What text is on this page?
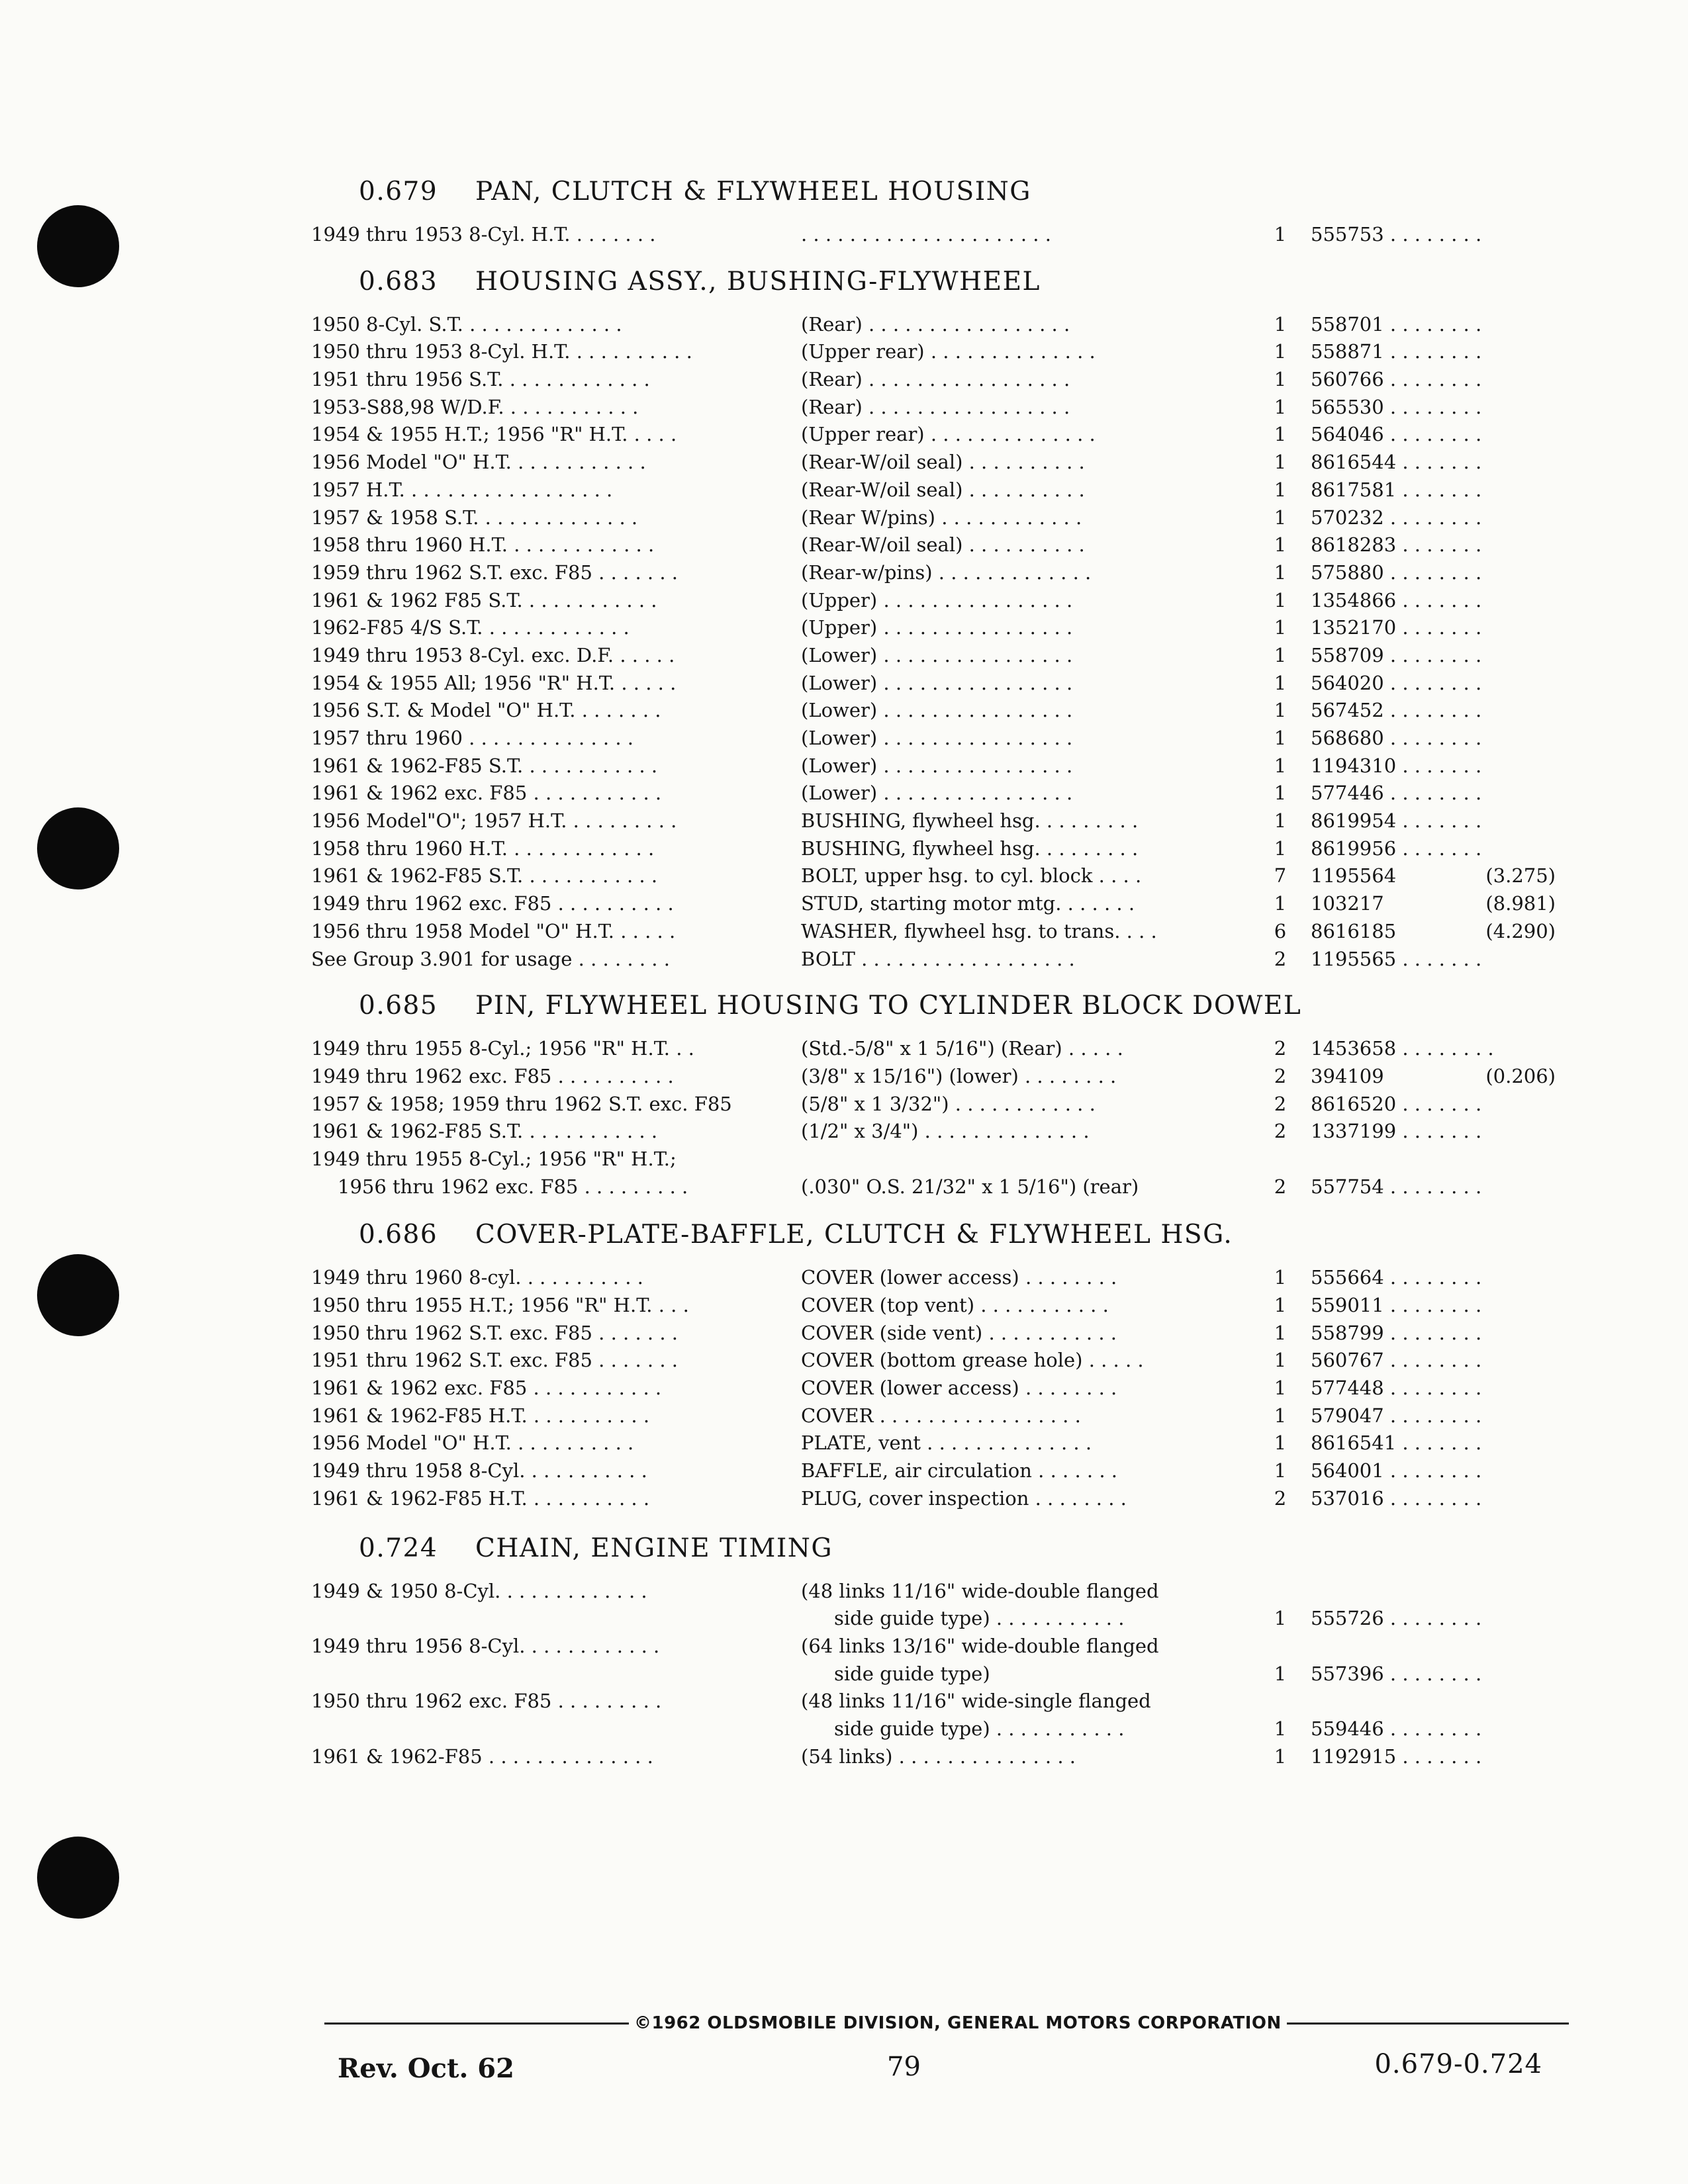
0.679 PAN, CLUTCH & FLYWHEEL HOUSING
1949 thru 1953 8-Cyl. H.T. . . . . . . .	. . . . . . . . . . . . . . . . . . . . .	1	555753 . . . . . . . .
0.683 HOUSING ASSY., BUSHING-FLYWHEEL
1950 8-Cyl. S.T. . . . . . . . . . . . . .	(Rear) . . . . . . . . . . . . . . . . .	1	558701 . . . . . . . .
1950 thru 1953 8-Cyl. H.T. . . . . . . . . . .	(Upper rear) . . . . . . . . . . . . . .	1	558871 . . . . . . . .
1951 thru 1956 S.T. . . . . . . . . . . . .	(Rear) . . . . . . . . . . . . . . . . .	1	560766 . . . . . . . .
1953-S88,98 W/D.F. . . . . . . . . . . .	(Rear) . . . . . . . . . . . . . . . . .	1	565530 . . . . . . . .
1954 & 1955 H.T.; 1956 "R" H.T. . . . .	(Upper rear) . . . . . . . . . . . . . .	1	564046 . . . . . . . .
1956 Model "O" H.T. . . . . . . . . . . .	(Rear-W/oil seal) . . . . . . . . . .	1	8616544 . . . . . . .
1957 H.T. . . . . . . . . . . . . . . . . .	(Rear-W/oil seal) . . . . . . . . . .	1	8617581 . . . . . . .
1957 & 1958 S.T. . . . . . . . . . . . . .	(Rear W/pins) . . . . . . . . . . . .	1	570232 . . . . . . . .
1958 thru 1960 H.T. . . . . . . . . . . . .	(Rear-W/oil seal) . . . . . . . . . .	1	8618283 . . . . . . .
1959 thru 1962 S.T. exc. F85 . . . . . . .	(Rear-w/pins) . . . . . . . . . . . . .	1	575880 . . . . . . . .
1961 & 1962 F85 S.T. . . . . . . . . . . .	(Upper) . . . . . . . . . . . . . . . .	1	1354866 . . . . . . .
1962-F85 4/S S.T. . . . . . . . . . . . .	(Upper) . . . . . . . . . . . . . . . .	1	1352170 . . . . . . .
1949 thru 1953 8-Cyl. exc. D.F. . . . . .	(Lower) . . . . . . . . . . . . . . . .	1	558709 . . . . . . . .
1954 & 1955 All; 1956 "R" H.T. . . . . .	(Lower) . . . . . . . . . . . . . . . .	1	564020 . . . . . . . .
1956 S.T. & Model "O" H.T. . . . . . . .	(Lower) . . . . . . . . . . . . . . . .	1	567452 . . . . . . . .
1957 thru 1960 . . . . . . . . . . . . . .	(Lower) . . . . . . . . . . . . . . . .	1	568680 . . . . . . . .
1961 & 1962-F85 S.T. . . . . . . . . . . .	(Lower) . . . . . . . . . . . . . . . .	1	1194310 . . . . . . .
1961 & 1962 exc. F85 . . . . . . . . . . .	(Lower) . . . . . . . . . . . . . . . .	1	577446 . . . . . . . .
1956 Model"O"; 1957 H.T. . . . . . . . . .	BUSHING, flywheel hsg. . . . . . . . .	1	8619954 . . . . . . .
1958 thru 1960 H.T. . . . . . . . . . . . .	BUSHING, flywheel hsg. . . . . . . . .	1	8619956 . . . . . . .
1961 & 1962-F85 S.T. . . . . . . . . . . .	BOLT, upper hsg. to cyl. block . . . .	7	1195564	(3.275)
1949 thru 1962 exc. F85 . . . . . . . . . .	STUD, starting motor mtg. . . . . . .	1	103217	(8.981)
1956 thru 1958 Model "O" H.T. . . . . .	WASHER, flywheel hsg. to trans. . . .	6	8616185	(4.290)
See Group 3.901 for usage . . . . . . . .	BOLT . . . . . . . . . . . . . . . . . .	2	1195565 . . . . . . .
0.685 PIN, FLYWHEEL HOUSING TO CYLINDER BLOCK DOWEL
1949 thru 1955 8-Cyl.; 1956 "R" H.T. . .	(Std.-5/8" x 1 5/16") (Rear) . . . . .	2	1453658 . . . . . . . .
1949 thru 1962 exc. F85 . . . . . . . . . .	(3/8" x 15/16") (lower) . . . . . . . .	2	394109	(0.206)
1957 & 1958; 1959 thru 1962 S.T. exc. F85	(5/8" x 1 3/32") . . . . . . . . . . . .	2	8616520 . . . . . . .
1961 & 1962-F85 S.T. . . . . . . . . . . .	(1/2" x 3/4") . . . . . . . . . . . . . .	2	1337199 . . . . . . .
1949 thru 1955 8-Cyl.; 1956 "R" H.T.;
1956 thru 1962 exc. F85 . . . . . . . . .	(.030" O.S. 21/32" x 1 5/16") (rear)	2	557754 . . . . . . . .
0.686 COVER-PLATE-BAFFLE, CLUTCH & FLYWHEEL HSG.
1949 thru 1960 8-cyl. . . . . . . . . . .	COVER (lower access) . . . . . . . .	1	555664 . . . . . . . .
1950 thru 1955 H.T.; 1956 "R" H.T. . . .	COVER (top vent) . . . . . . . . . . .	1	559011 . . . . . . . .
1950 thru 1962 S.T. exc. F85 . . . . . . .	COVER (side vent) . . . . . . . . . . .	1	558799 . . . . . . . .
1951 thru 1962 S.T. exc. F85 . . . . . . .	COVER (bottom grease hole) . . . . .	1	560767 . . . . . . . .
1961 & 1962 exc. F85 . . . . . . . . . . .	COVER (lower access) . . . . . . . .	1	577448 . . . . . . . .
1961 & 1962-F85 H.T. . . . . . . . . . .	COVER . . . . . . . . . . . . . . . . .	1	579047 . . . . . . . .
1956 Model "O" H.T. . . . . . . . . . .	PLATE, vent . . . . . . . . . . . . . .	1	8616541 . . . . . . .
1949 thru 1958 8-Cyl. . . . . . . . . . .	BAFFLE, air circulation . . . . . . .	1	564001 . . . . . . . .
1961 & 1962-F85 H.T. . . . . . . . . . .	PLUG, cover inspection . . . . . . . .	2	537016 . . . . . . . .
0.724 CHAIN, ENGINE TIMING
1949 & 1950 8-Cyl. . . . . . . . . . . . .	(48 links 11/16" wide-double flanged
side guide type) . . . . . . . . . . .	1	555726 . . . . . . . .
1949 thru 1956 8-Cyl. . . . . . . . . . . .	(64 links 13/16" wide-double flanged
side guide type)	1	557396 . . . . . . . .
1950 thru 1962 exc. F85 . . . . . . . . .	(48 links 11/16" wide-single flanged
side guide type) . . . . . . . . . . .	1	559446 . . . . . . . .
1961 & 1962-F85 . . . . . . . . . . . . . .	(54 links) . . . . . . . . . . . . . . .	1	1192915 . . . . . . .
©1962 OLDSMOBILE DIVISION, GENERAL MOTORS CORPORATION
Rev. Oct. 62	79	0.679-0.724
